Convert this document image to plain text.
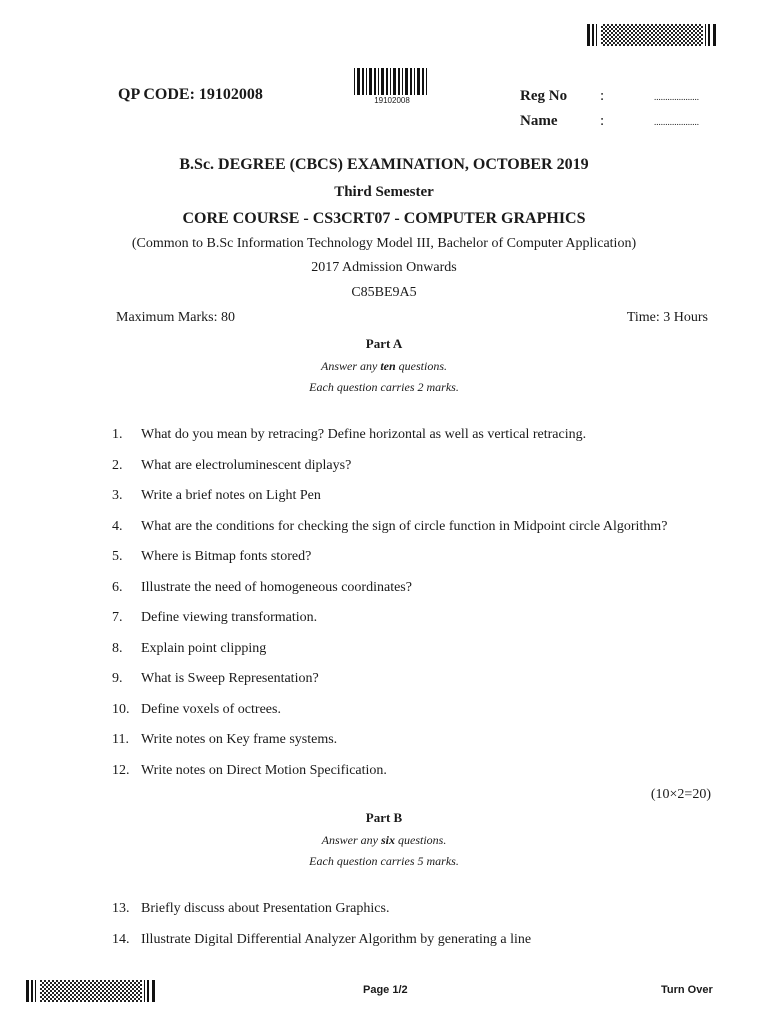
QP CODE: 19102008	19102008	Reg No :	....................
Name	:	....................
B.Sc. DEGREE (CBCS) EXAMINATION, OCTOBER 2019
Third Semester
CORE COURSE - CS3CRT07 - COMPUTER GRAPHICS
(Common to B.Sc Information Technology Model III, Bachelor of Computer Application)
2017 Admission Onwards
C85BE9A5
Maximum Marks: 80	Time: 3 Hours
Part A
Answer any ten questions.
Each question carries 2 marks.
1. What do you mean by retracing? Define horizontal as well as vertical retracing.
2. What are electroluminescent diplays?
3. Write a brief notes on Light Pen
4. What are the conditions for checking the sign of circle function in Midpoint circle Algorithm?
5. Where is Bitmap fonts stored?
6. Illustrate the need of homogeneous coordinates?
7. Define viewing transformation.
8. Explain point clipping
9. What is Sweep Representation?
10. Define voxels of octrees.
11. Write notes on Key frame systems.
12. Write notes on Direct Motion Specification.
(10×2=20)
Part B
Answer any six questions.
Each question carries 5 marks.
13. Briefly discuss about Presentation Graphics.
14. Illustrate Digital Differential Analyzer Algorithm by generating a line
Page 1/2	Turn Over
